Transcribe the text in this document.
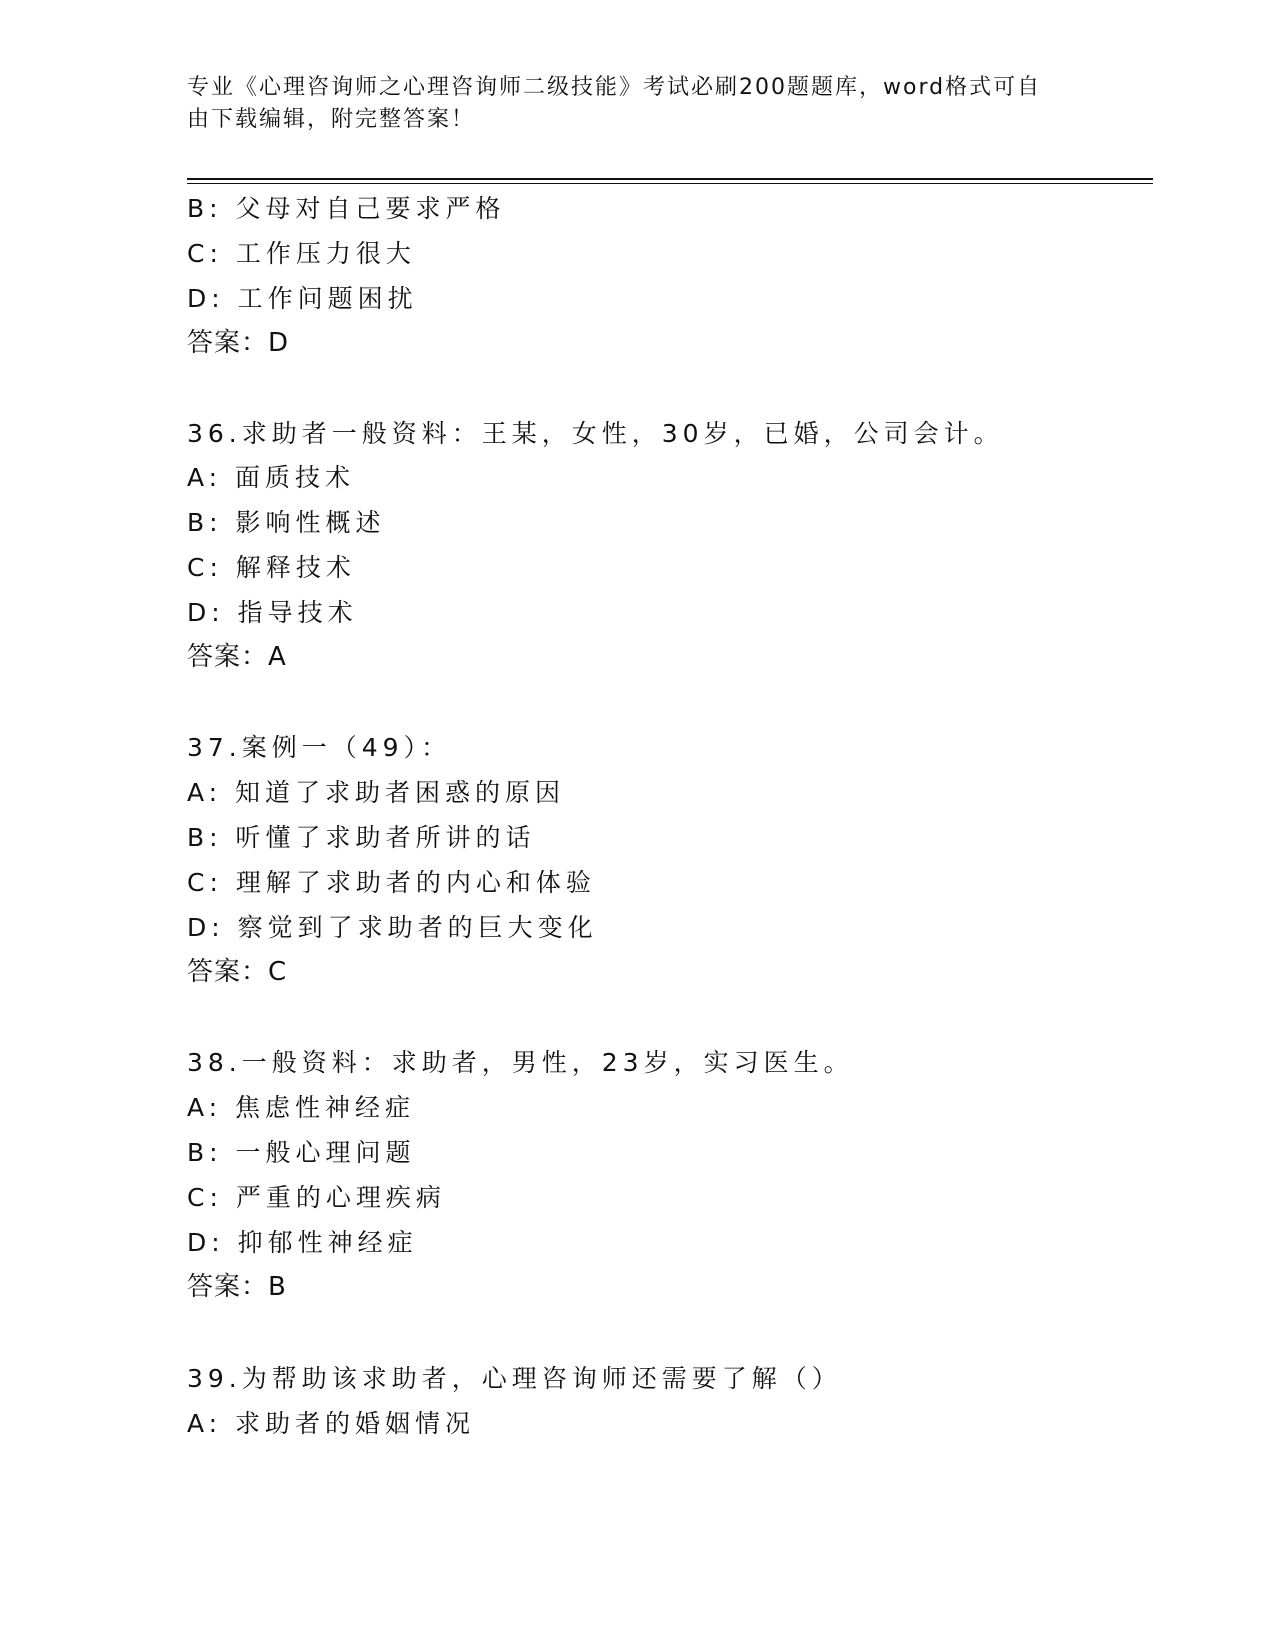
专业《心理咨询师之心理咨询师二级技能》考试必刷200题题库，word格式可自
由下载编辑，附完整答案！
B: 父母对自己要求严格
C: 工作压力很大
D: 工作问题困扰
答案：D
36.求助者一般资料：王某，女性，30岁，已婚，公司会计。
A: 面质技术
B: 影响性概述
C: 解释技术
D: 指导技术
答案：A
37.案例一（49）：
A: 知道了求助者困惑的原因
B: 听懂了求助者所讲的话
C: 理解了求助者的内心和体验
D: 察觉到了求助者的巨大变化
答案：C
38.一般资料：求助者，男性，23岁，实习医生。
A: 焦虑性神经症
B: 一般心理问题
C: 严重的心理疾病
D: 抑郁性神经症
答案：B
39.为帮助该求助者，心理咨询师还需要了解（）
A: 求助者的婚姻情况
